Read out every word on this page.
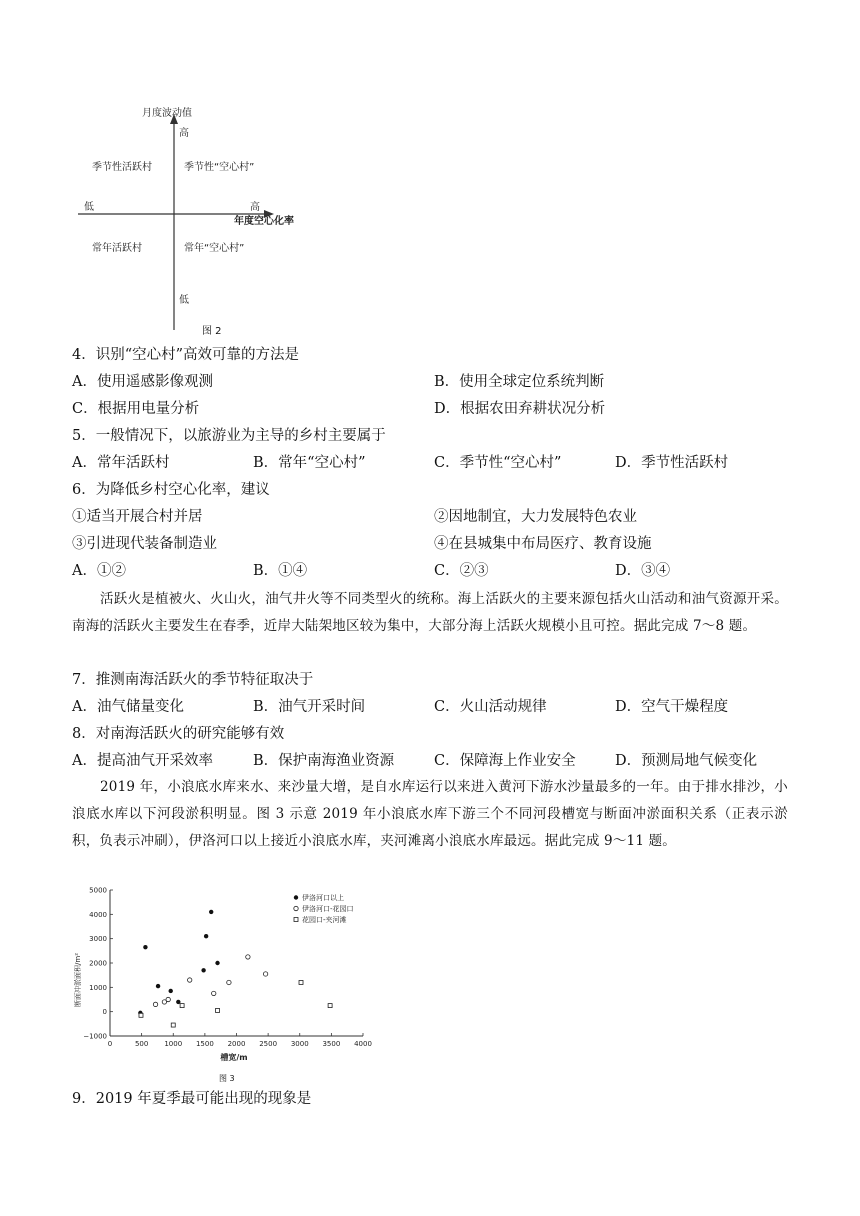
月度波动值
高
季节性活跃村	季节性“空心村”
低	高
年度空心化率
常年活跃村	常年“空心村”
低
图 2
4．识别“空心村”高效可靠的方法是
A．使用遥感影像观测	B．使用全球定位系统判断
C．根据用电量分析	D．根据农田弃耕状况分析
5．一般情况下，以旅游业为主导的乡村主要属于
A．常年活跃村	B．常年“空心村”	C．季节性“空心村”	D．季节性活跃村
6．为降低乡村空心化率，建议
①适当开展合村并居	②因地制宜，大力发展特色农业
③引进现代装备制造业	④在县城集中布局医疗、教育设施
A．①②	B．①④	C．②③	D．③④
活跃火是植被火、火山火，油气井火等不同类型火的统称。海上活跃火的主要来源包括火山活动和油气资源开采。南海的活跃火主要发生在春季，近岸大陆架地区较为集中，大部分海上活跃火规模小且可控。据此完成 7～8 题。
7．推测南海活跃火的季节特征取决于
A．油气储量变化	B．油气开采时间	C．火山活动规律	D．空气干燥程度
8．对南海活跃火的研究能够有效
A．提高油气开采效率	B．保护南海渔业资源	C．保障海上作业安全	D．预测局地气候变化
2019 年，小浪底水库来水、来沙量大增，是自水库运行以来进入黄河下游水沙量最多的一年。由于排水排沙，小浪底水库以下河段淤积明显。图 3 示意 2019 年小浪底水库下游三个不同河段槽宽与断面冲淤面积关系（正表示淤积，负表示冲刷），伊洛河口以上接近小浪底水库，夹河滩离小浪底水库最远。据此完成 9～11 题。
0	500 1000 1500 2000 2500 3000 3500 4000
5000
4000
3000
2000
1000
0
−1000
伊洛河口以上
伊洛河口-花园口
花园口-夹河滩
槽宽/m
断面冲淤面积/m²
图 3
9．2019 年夏季最可能出现的现象是
